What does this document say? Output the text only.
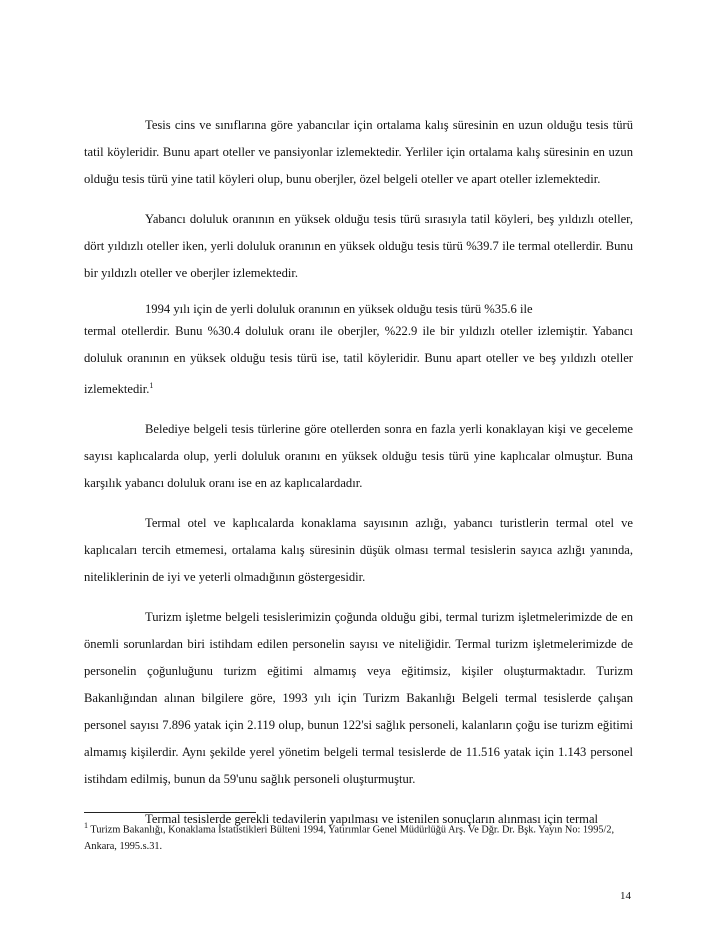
Tesis cins ve sınıflarına göre yabancılar için ortalama kalış süresinin en uzun olduğu tesis türü tatil köyleridir. Bunu apart oteller ve pansiyonlar izlemektedir. Yerliler için ortalama kalış süresinin en uzun olduğu tesis türü yine tatil köyleri olup, bunu oberjler, özel belgeli oteller ve apart oteller izlemektedir.

Yabancı doluluk oranının en yüksek olduğu tesis türü sırasıyla tatil köyleri, beş yıldızlı oteller, dört yıldızlı oteller iken, yerli doluluk oranının en yüksek olduğu tesis türü %39.7 ile termal otellerdir. Bunu bir yıldızlı oteller ve oberjler izlemektedir.

1994 yılı için de yerli doluluk oranının en yüksek olduğu tesis türü %35.6 ile

termal otellerdir. Bunu %30.4 doluluk oranı ile oberjler, %22.9 ile bir yıldızlı oteller izlemiştir. Yabancı doluluk oranının en yüksek olduğu tesis türü ise, tatil köyleridir. Bunu apart oteller ve beş yıldızlı oteller izlemektedir.$^1$

Belediye belgeli tesis türlerine göre otellerden sonra en fazla yerli konaklayan kişi ve geceleme sayısı kaplıcalarda olup, yerli doluluk oranını en yüksek olduğu tesis türü yine kaplıcalar olmuştur. Buna karşılık yabancı doluluk oranı ise en az kaplıcalardadır.

Termal otel ve kaplıcalarda konaklama sayısının azlığı, yabancı turistlerin termal otel ve kaplıcaları tercih etmemesi, ortalama kalış süresinin düşük olması termal tesislerin sayıca azlığı yanında, niteliklerinin de iyi ve yeterli olmadığının göstergesidir.

Turizm işletme belgeli tesislerimizin çoğunda olduğu gibi, termal turizm işletmelerimizde de en önemli sorunlardan biri istihdam edilen personelin sayısı ve niteliğidir. Termal turizm işletmelerimizde de personelin çoğunluğunu turizm eğitimi almamış veya eğitimsiz, kişiler oluşturmaktadır. Turizm Bakanlığından alınan bilgilere göre, 1993 yılı için Turizm Bakanlığı Belgeli termal tesislerde çalışan personel sayısı 7.896 yatak için 2.119 olup, bunun 122'si sağlık personeli, kalanların çoğu ise turizm eğitimi almamış kişilerdir. Aynı şekilde yerel yönetim belgeli termal tesislerde de 11.516 yatak için 1.143 personel istihdam edilmiş, bunun da 59'unu sağlık personeli oluşturmuştur.

Termal tesislerde gerekli tedavilerin yapılması ve istenilen sonuçların alınması için termal

$^1$ Turizm Bakanlığı, Konaklama İstatistikleri Bülteni 1994, Yatırımlar Genel Müdürlüğü Arş. Ve Dğr. Dr. Bşk. Yayın No: 1995/2, Ankara, 1995.s.31.

14
